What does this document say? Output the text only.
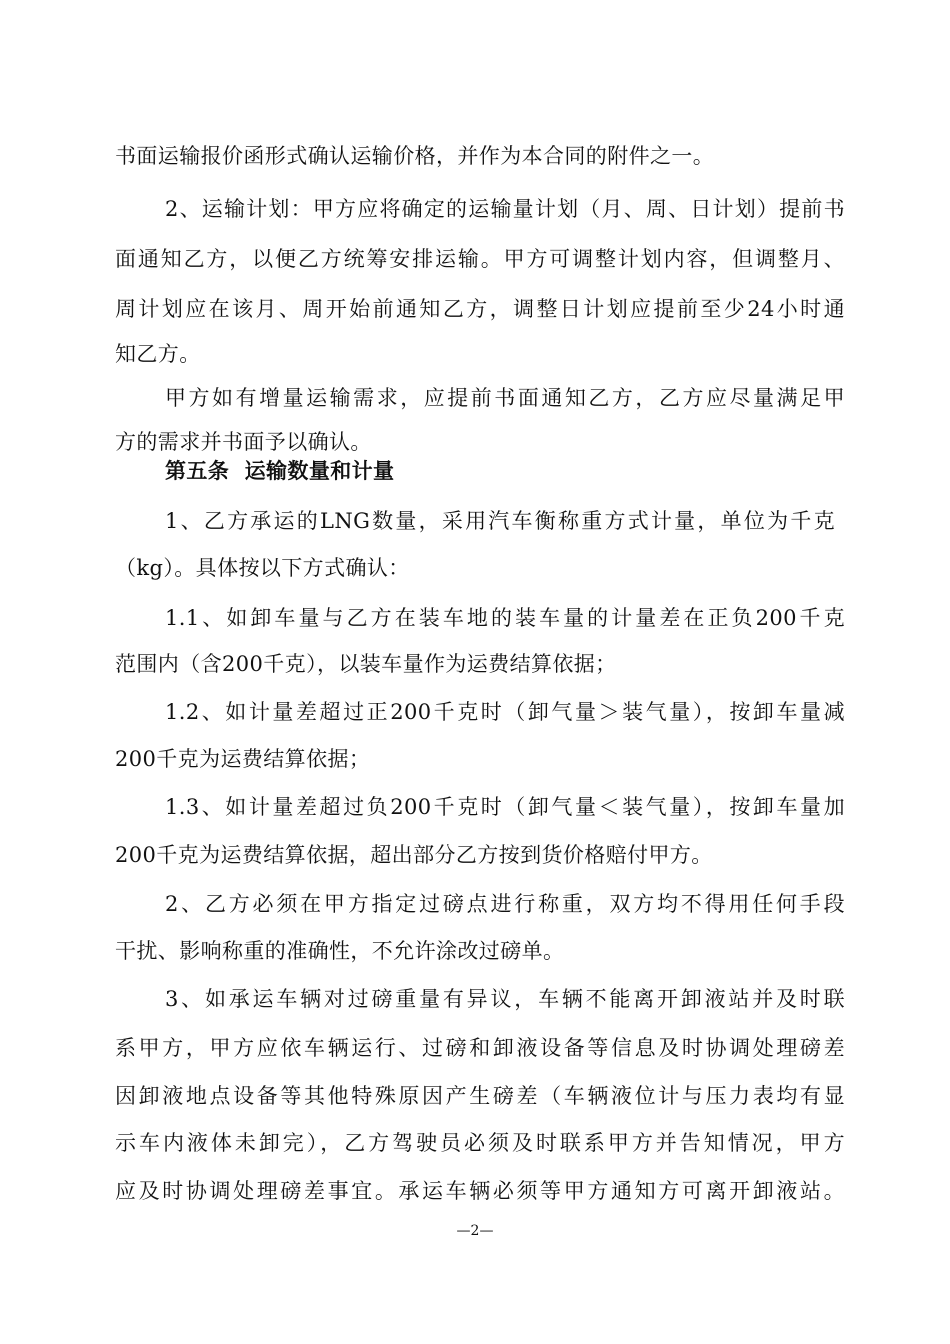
书面运输报价函形式确认运输价格，并作为本合同的附件之一。
2、运输计划：甲方应将确定的运输量计划（月、周、日计划）提前书
面通知乙方，以便乙方统筹安排运输。甲方可调整计划内容，但调整月、
周计划应在该月、周开始前通知乙方，调整日计划应提前至少24小时通
知乙方。
甲方如有增量运输需求，应提前书面通知乙方，乙方应尽量满足甲
方的需求并书面予以确认。
第五条  运输数量和计量
1、乙方承运的LNG数量，采用汽车衡称重方式计量，单位为千克
（kg）。具体按以下方式确认：
1.1、如卸车量与乙方在装车地的装车量的计量差在正负200千克
范围内（含200千克），以装车量作为运费结算依据；
1.2、如计量差超过正200千克时（卸气量＞装气量），按卸车量减
200千克为运费结算依据；
1.3、如计量差超过负200千克时（卸气量＜装气量），按卸车量加
200千克为运费结算依据，超出部分乙方按到货价格赔付甲方。
2、乙方必须在甲方指定过磅点进行称重，双方均不得用任何手段
干扰、影响称重的准确性，不允许涂改过磅单。
3、如承运车辆对过磅重量有异议，车辆不能离开卸液站并及时联
系甲方，甲方应依车辆运行、过磅和卸液设备等信息及时协调处理磅差
因卸液地点设备等其他特殊原因产生磅差（车辆液位计与压力表均有显
示车内液体未卸完），乙方驾驶员必须及时联系甲方并告知情况，甲方
应及时协调处理磅差事宜。承运车辆必须等甲方通知方可离开卸液站。
—2—
